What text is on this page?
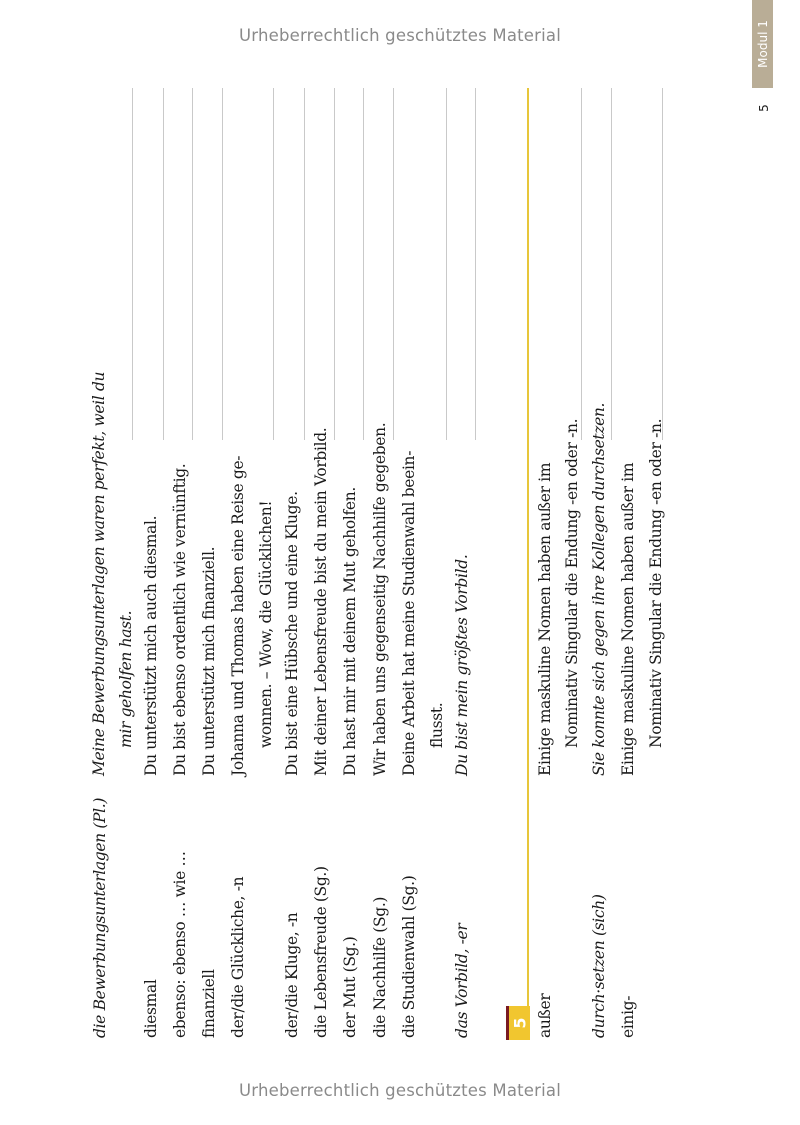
Urheberrechtlich geschütztes Material
Urheberrechtlich geschütztes Material
Modul 1
5
5
die Bewerbungsunterlagen (Pl.)
Meine Bewerbungsunterlagen waren perfekt, weil du mir geholfen hast.
diesmal
Du unterstützt mich auch diesmal.
ebenso: ebenso … wie …
Du bist ebenso ordentlich wie vernünftig.
finanziell
Du unterstützt mich finanziell.
der/die Glückliche, -n
Johanna und Thomas haben eine Reise ge- wonnen. – Wow, die Glücklichen!
der/die Kluge, -n
Du bist eine Hübsche und eine Kluge.
die Lebensfreude (Sg.)
Mit deiner Lebensfreude bist du mein Vorbild.
der Mut (Sg.)
Du hast mir mit deinem Mut geholfen.
die Nachhilfe (Sg.)
Wir haben uns gegenseitig Nachhilfe gegeben.
die Studienwahl (Sg.)
Deine Arbeit hat meine Studienwahl beein- flusst.
das Vorbild, -er
Du bist mein größtes Vorbild.
außer
Einige maskuline Nomen haben außer im Nominativ Singular die Endung -en oder -n.
durch·setzen (sich)
Sie konnte sich gegen ihre Kollegen durchsetzen.
einig-
Einige maskuline Nomen haben außer im Nominativ Singular die Endung -en oder -n.
